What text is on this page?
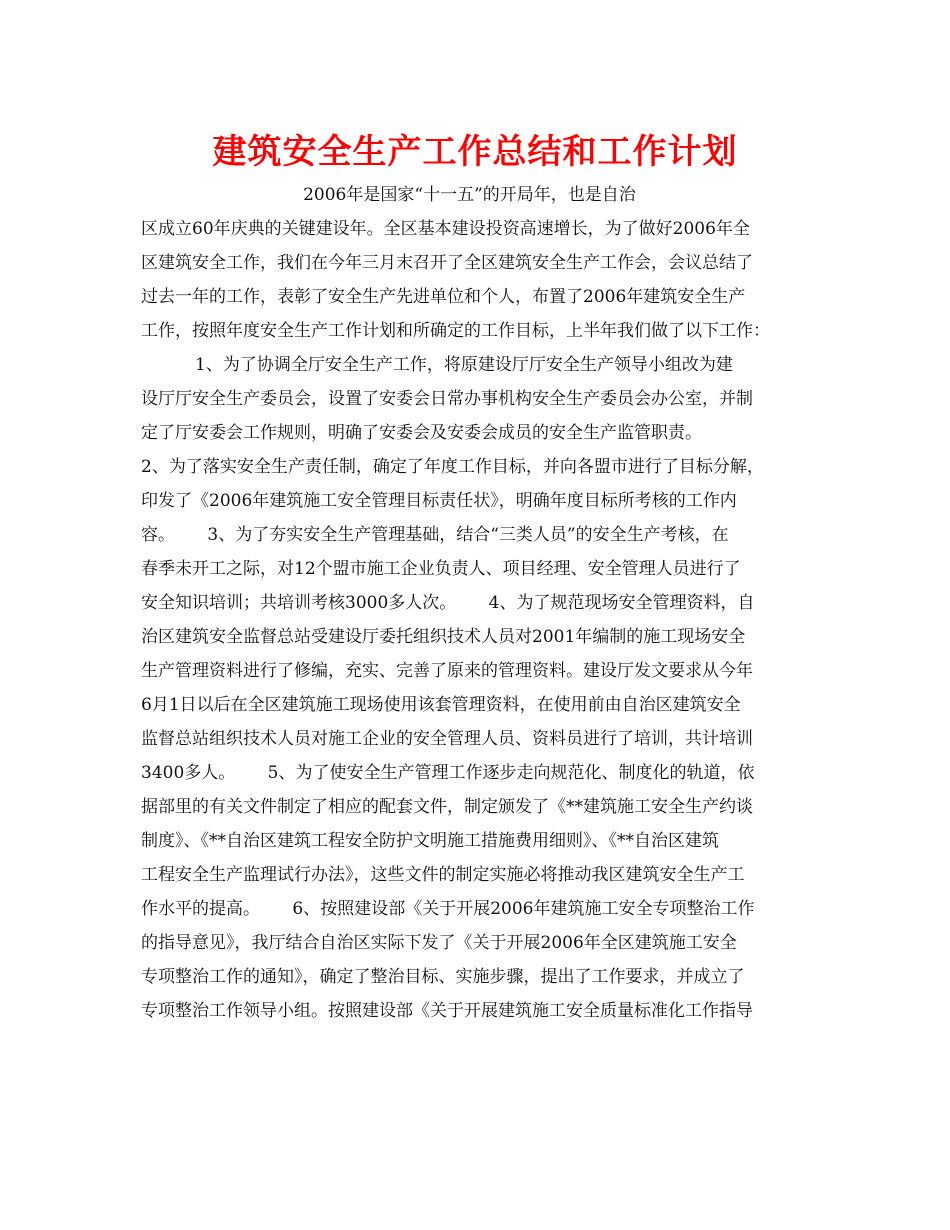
建筑安全生产工作总结和工作计划
2006年是国家“十一五”的开局年，也是自治
区成立60年庆典的关键建设年。全区基本建设投资高速增长，为了做好2006年全
区建筑安全工作，我们在今年三月末召开了全区建筑安全生产工作会，会议总结了
过去一年的工作，表彰了安全生产先进单位和个人，布置了2006年建筑安全生产
工作，按照年度安全生产工作计划和所确定的工作目标，上半年我们做了以下工作：
1、为了协调全厅安全生产工作，将原建设厅厅安全生产领导小组改为建
设厅厅安全生产委员会，设置了安委会日常办事机构安全生产委员会办公室，并制
定了厅安委会工作规则，明确了安委会及安委会成员的安全生产监管职责。
2、为了落实安全生产责任制，确定了年度工作目标，并向各盟市进行了目标分解，
印发了《2006年建筑施工安全管理目标责任状》，明确年度目标所考核的工作内
容。      3、为了夯实安全生产管理基础，结合“三类人员”的安全生产考核，在
春季未开工之际，对12个盟市施工企业负责人、项目经理、安全管理人员进行了
安全知识培训；共培训考核3000多人次。      4、为了规范现场安全管理资料，自
治区建筑安全监督总站受建设厅委托组织技术人员对2001年编制的施工现场安全
生产管理资料进行了修编，充实、完善了原来的管理资料。建设厅发文要求从今年
6月1日以后在全区建筑施工现场使用该套管理资料，在使用前由自治区建筑安全
监督总站组织技术人员对施工企业的安全管理人员、资料员进行了培训，共计培训
3400多人。      5、为了使安全生产管理工作逐步走向规范化、制度化的轨道，依
据部里的有关文件制定了相应的配套文件，制定颁发了《**建筑施工安全生产约谈
制度》、《**自治区建筑工程安全防护文明施工措施费用细则》、《**自治区建筑
工程安全生产监理试行办法》，这些文件的制定实施必将推动我区建筑安全生产工
作水平的提高。      6、按照建设部《关于开展2006年建筑施工安全专项整治工作
的指导意见》，我厅结合自治区实际下发了《关于开展2006年全区建筑施工安全
专项整治工作的通知》，确定了整治目标、实施步骤，提出了工作要求，并成立了
专项整治工作领导小组。按照建设部《关于开展建筑施工安全质量标准化工作指导
